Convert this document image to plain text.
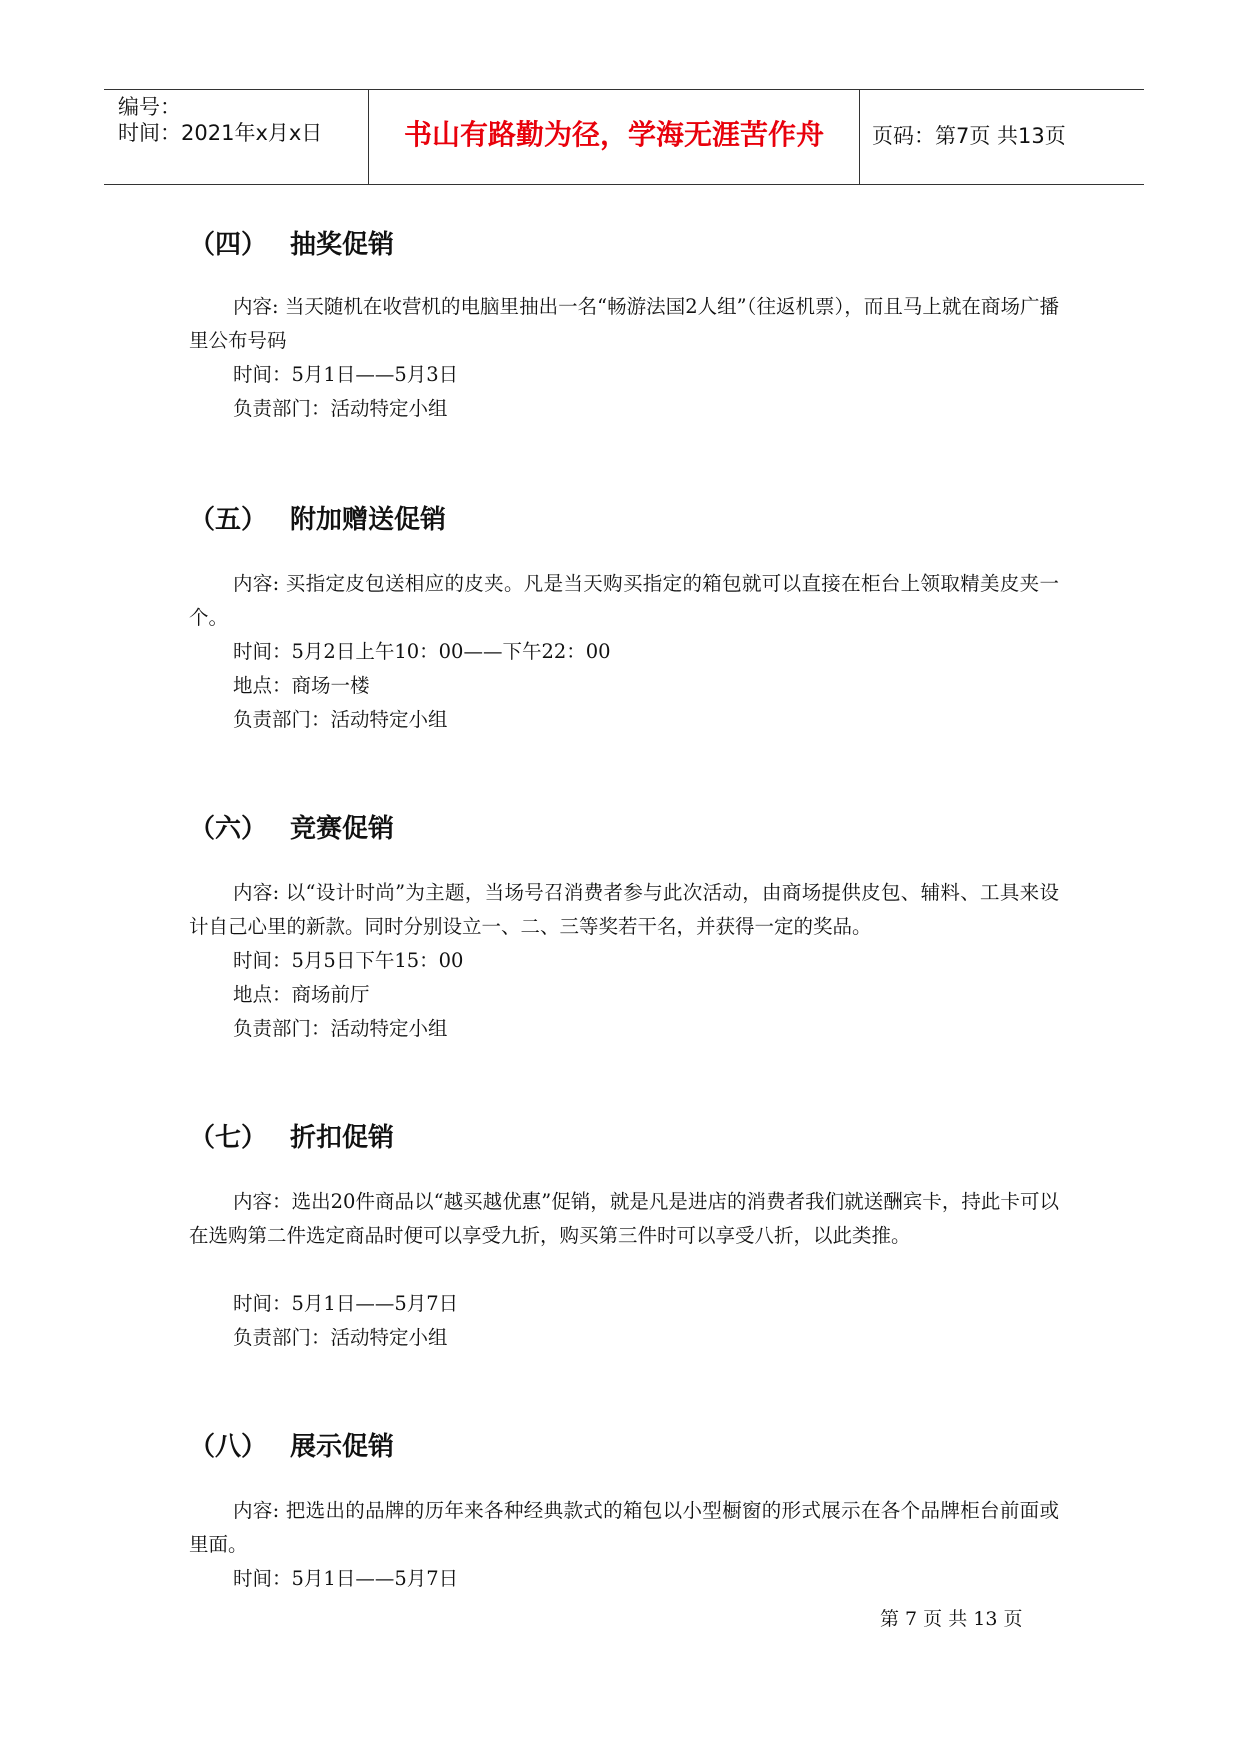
编号：
时间：2021年x月x日	书山有路勤为径，学海无涯苦作舟	页码：第7页 共13页
（四） 抽奖促销
内容: 当天随机在收营机的电脑里抽出一名“畅游法国2人组”（往返机票），而且马上就在商场广播里公布号码
时间：5月1日——5月3日
负责部门：活动特定小组
（五） 附加赠送促销
内容: 买指定皮包送相应的皮夹。凡是当天购买指定的箱包就可以直接在柜台上领取精美皮夹一个。
时间：5月2日上午10：00——下午22：00
地点：商场一楼
负责部门：活动特定小组
（六） 竞赛促销
内容: 以“设计时尚”为主题，当场号召消费者参与此次活动，由商场提供皮包、辅料、工具来设计自己心里的新款。同时分别设立一、二、三等奖若干名，并获得一定的奖品。
时间：5月5日下午15：00
地点：商场前厅
负责部门：活动特定小组
（七） 折扣促销
内容：选出20件商品以“越买越优惠”促销，就是凡是进店的消费者我们就送酬宾卡，持此卡可以在选购第二件选定商品时便可以享受九折，购买第三件时可以享受八折，以此类推。
时间：5月1日——5月7日
负责部门：活动特定小组
（八） 展示促销
内容: 把选出的品牌的历年来各种经典款式的箱包以小型橱窗的形式展示在各个品牌柜台前面或里面。
时间：5月1日——5月7日
第 7 页 共 13 页
